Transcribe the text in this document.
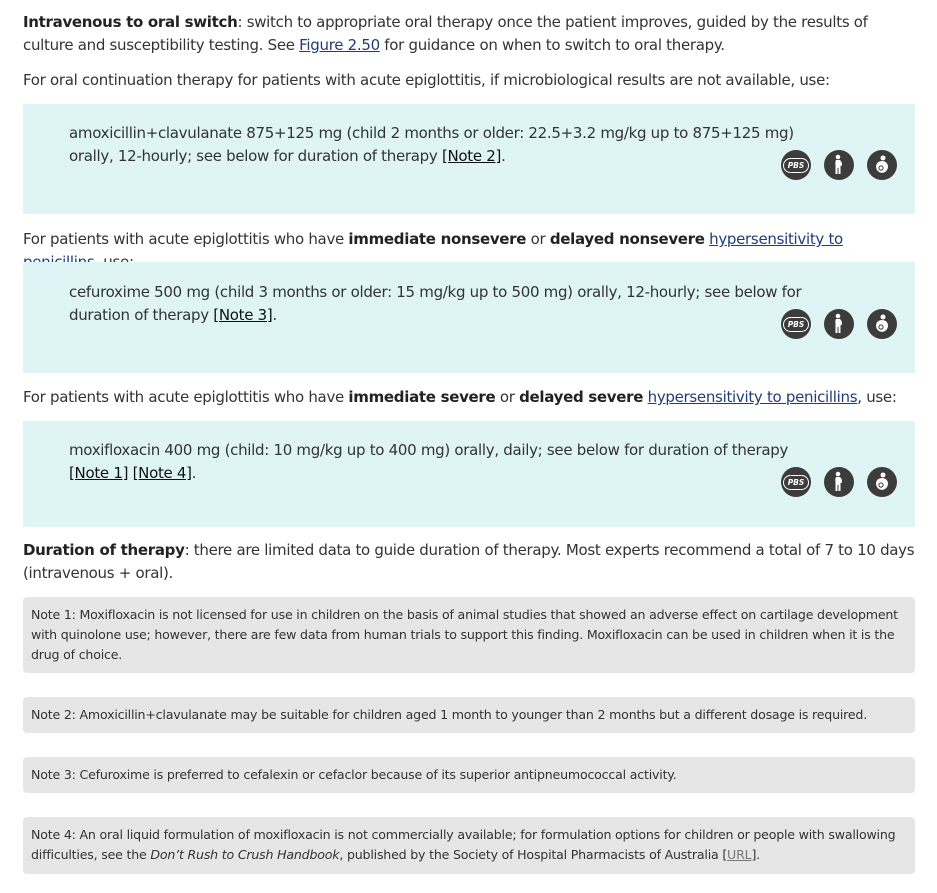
Intravenous to oral switch: switch to appropriate oral therapy once the patient improves, guided by the results of culture and susceptibility testing. See Figure 2.50 for guidance on when to switch to oral therapy.

For oral continuation therapy for patients with acute epiglottitis, if microbiological results are not available, use:

amoxicillin+clavulanate 875+125 mg (child 2 months or older: 22.5+3.2 mg/kg up to 875+125 mg) orally, 12-hourly; see below for duration of therapy [Note 2].	PBS

For patients with acute epiglottitis who have immediate nonsevere or delayed nonsevere hypersensitivity to

cefuroxime 500 mg (child 3 months or older: 15 mg/kg up to 500 mg) orally, 12-hourly; see below for duration of therapy [Note 3].	PBS

For patients with acute epiglottitis who have immediate severe or delayed severe hypersensitivity to penicillins, use:

moxifloxacin 400 mg (child: 10 mg/kg up to 400 mg) orally, daily; see below for duration of therapy [Note 1] [Note 4].	PBS

Duration of therapy: there are limited data to guide duration of therapy. Most experts recommend a total of 7 to 10 days (intravenous + oral).

Note 1: Moxifloxacin is not licensed for use in children on the basis of animal studies that showed an adverse effect on cartilage development with quinolone use; however, there are few data from human trials to support this finding. Moxifloxacin can be used in children when it is the drug of choice.

Note 2: Amoxicillin+clavulanate may be suitable for children aged 1 month to younger than 2 months but a different dosage is required.

Note 3: Cefuroxime is preferred to cefalexin or cefaclor because of its superior antipneumococcal activity.

Note 4: An oral liquid formulation of moxifloxacin is not commercially available; for formulation options for children or people with swallowing difficulties, see the Don’t Rush to Crush Handbook, published by the Society of Hospital Pharmacists of Australia [URL].
